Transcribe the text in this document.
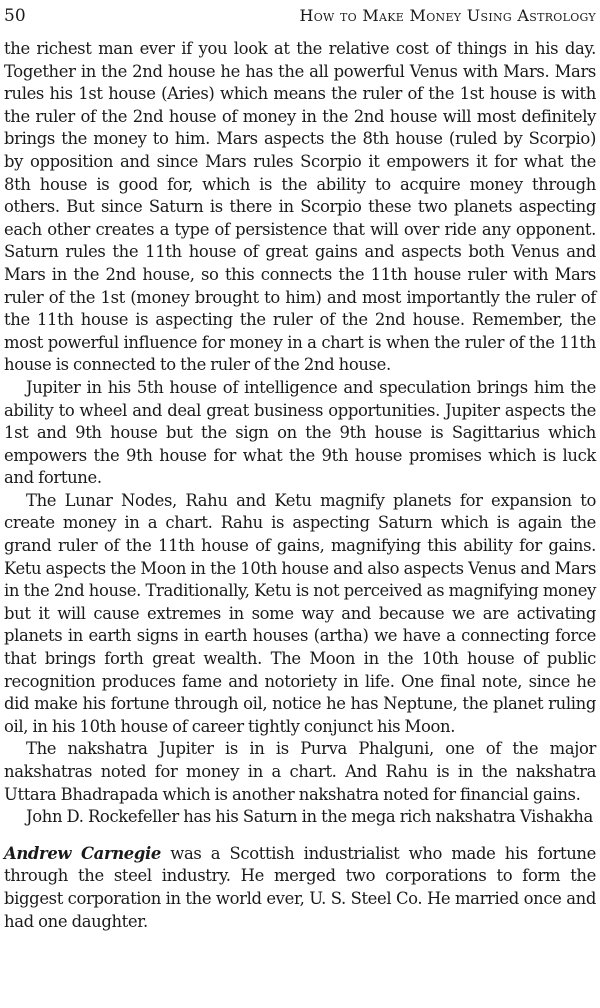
50	How to Make Money Using Astrology

the richest man ever if you look at the relative cost of things in his day. Together in the 2nd house he has the all powerful Venus with Mars. Mars rules his 1st house (Aries) which means the ruler of the 1st house is with the ruler of the 2nd house of money in the 2nd house will most definitely brings the money to him. Mars aspects the 8th house (ruled by Scorpio) by opposition and since Mars rules Scorpio it empowers it for what the 8th house is good for, which is the ability to acquire money through others. But since Saturn is there in Scorpio these two planets aspecting each other creates a type of persistence that will over ride any opponent. Saturn rules the 11th house of great gains and aspects both Venus and Mars in the 2nd house, so this connects the 11th house ruler with Mars ruler of the 1st (money brought to him) and most importantly the ruler of the 11th house is aspecting the ruler of the 2nd house. Remember, the most powerful influence for money in a chart is when the ruler of the 11th house is connected to the ruler of the 2nd house.

Jupiter in his 5th house of intelligence and speculation brings him the ability to wheel and deal great business opportunities. Jupiter aspects the 1st and 9th house but the sign on the 9th house is Sagittarius which empowers the 9th house for what the 9th house promises which is luck and fortune.

The Lunar Nodes, Rahu and Ketu magnify planets for expansion to create money in a chart. Rahu is aspecting Saturn which is again the grand ruler of the 11th house of gains, magnifying this ability for gains. Ketu aspects the Moon in the 10th house and also aspects Venus and Mars in the 2nd house. Traditionally, Ketu is not perceived as magnifying money but it will cause extremes in some way and because we are activating planets in earth signs in earth houses (artha) we have a connecting force that brings forth great wealth. The Moon in the 10th house of public recognition produces fame and notoriety in life. One final note, since he did make his fortune through oil, notice he has Neptune, the planet ruling oil, in his 10th house of career tightly conjunct his Moon.

The nakshatra Jupiter is in is Purva Phalguni, one of the major nakshatras noted for money in a chart. And Rahu is in the nakshatra Uttara Bhadrapada which is another nakshatra noted for financial gains.

John D. Rockefeller has his Saturn in the mega rich nakshatra Vishakha

Andrew Carnegie was a Scottish industrialist who made his fortune through the steel industry. He merged two corporations to form the biggest corporation in the world ever, U. S. Steel Co. He married once and had one daughter.
